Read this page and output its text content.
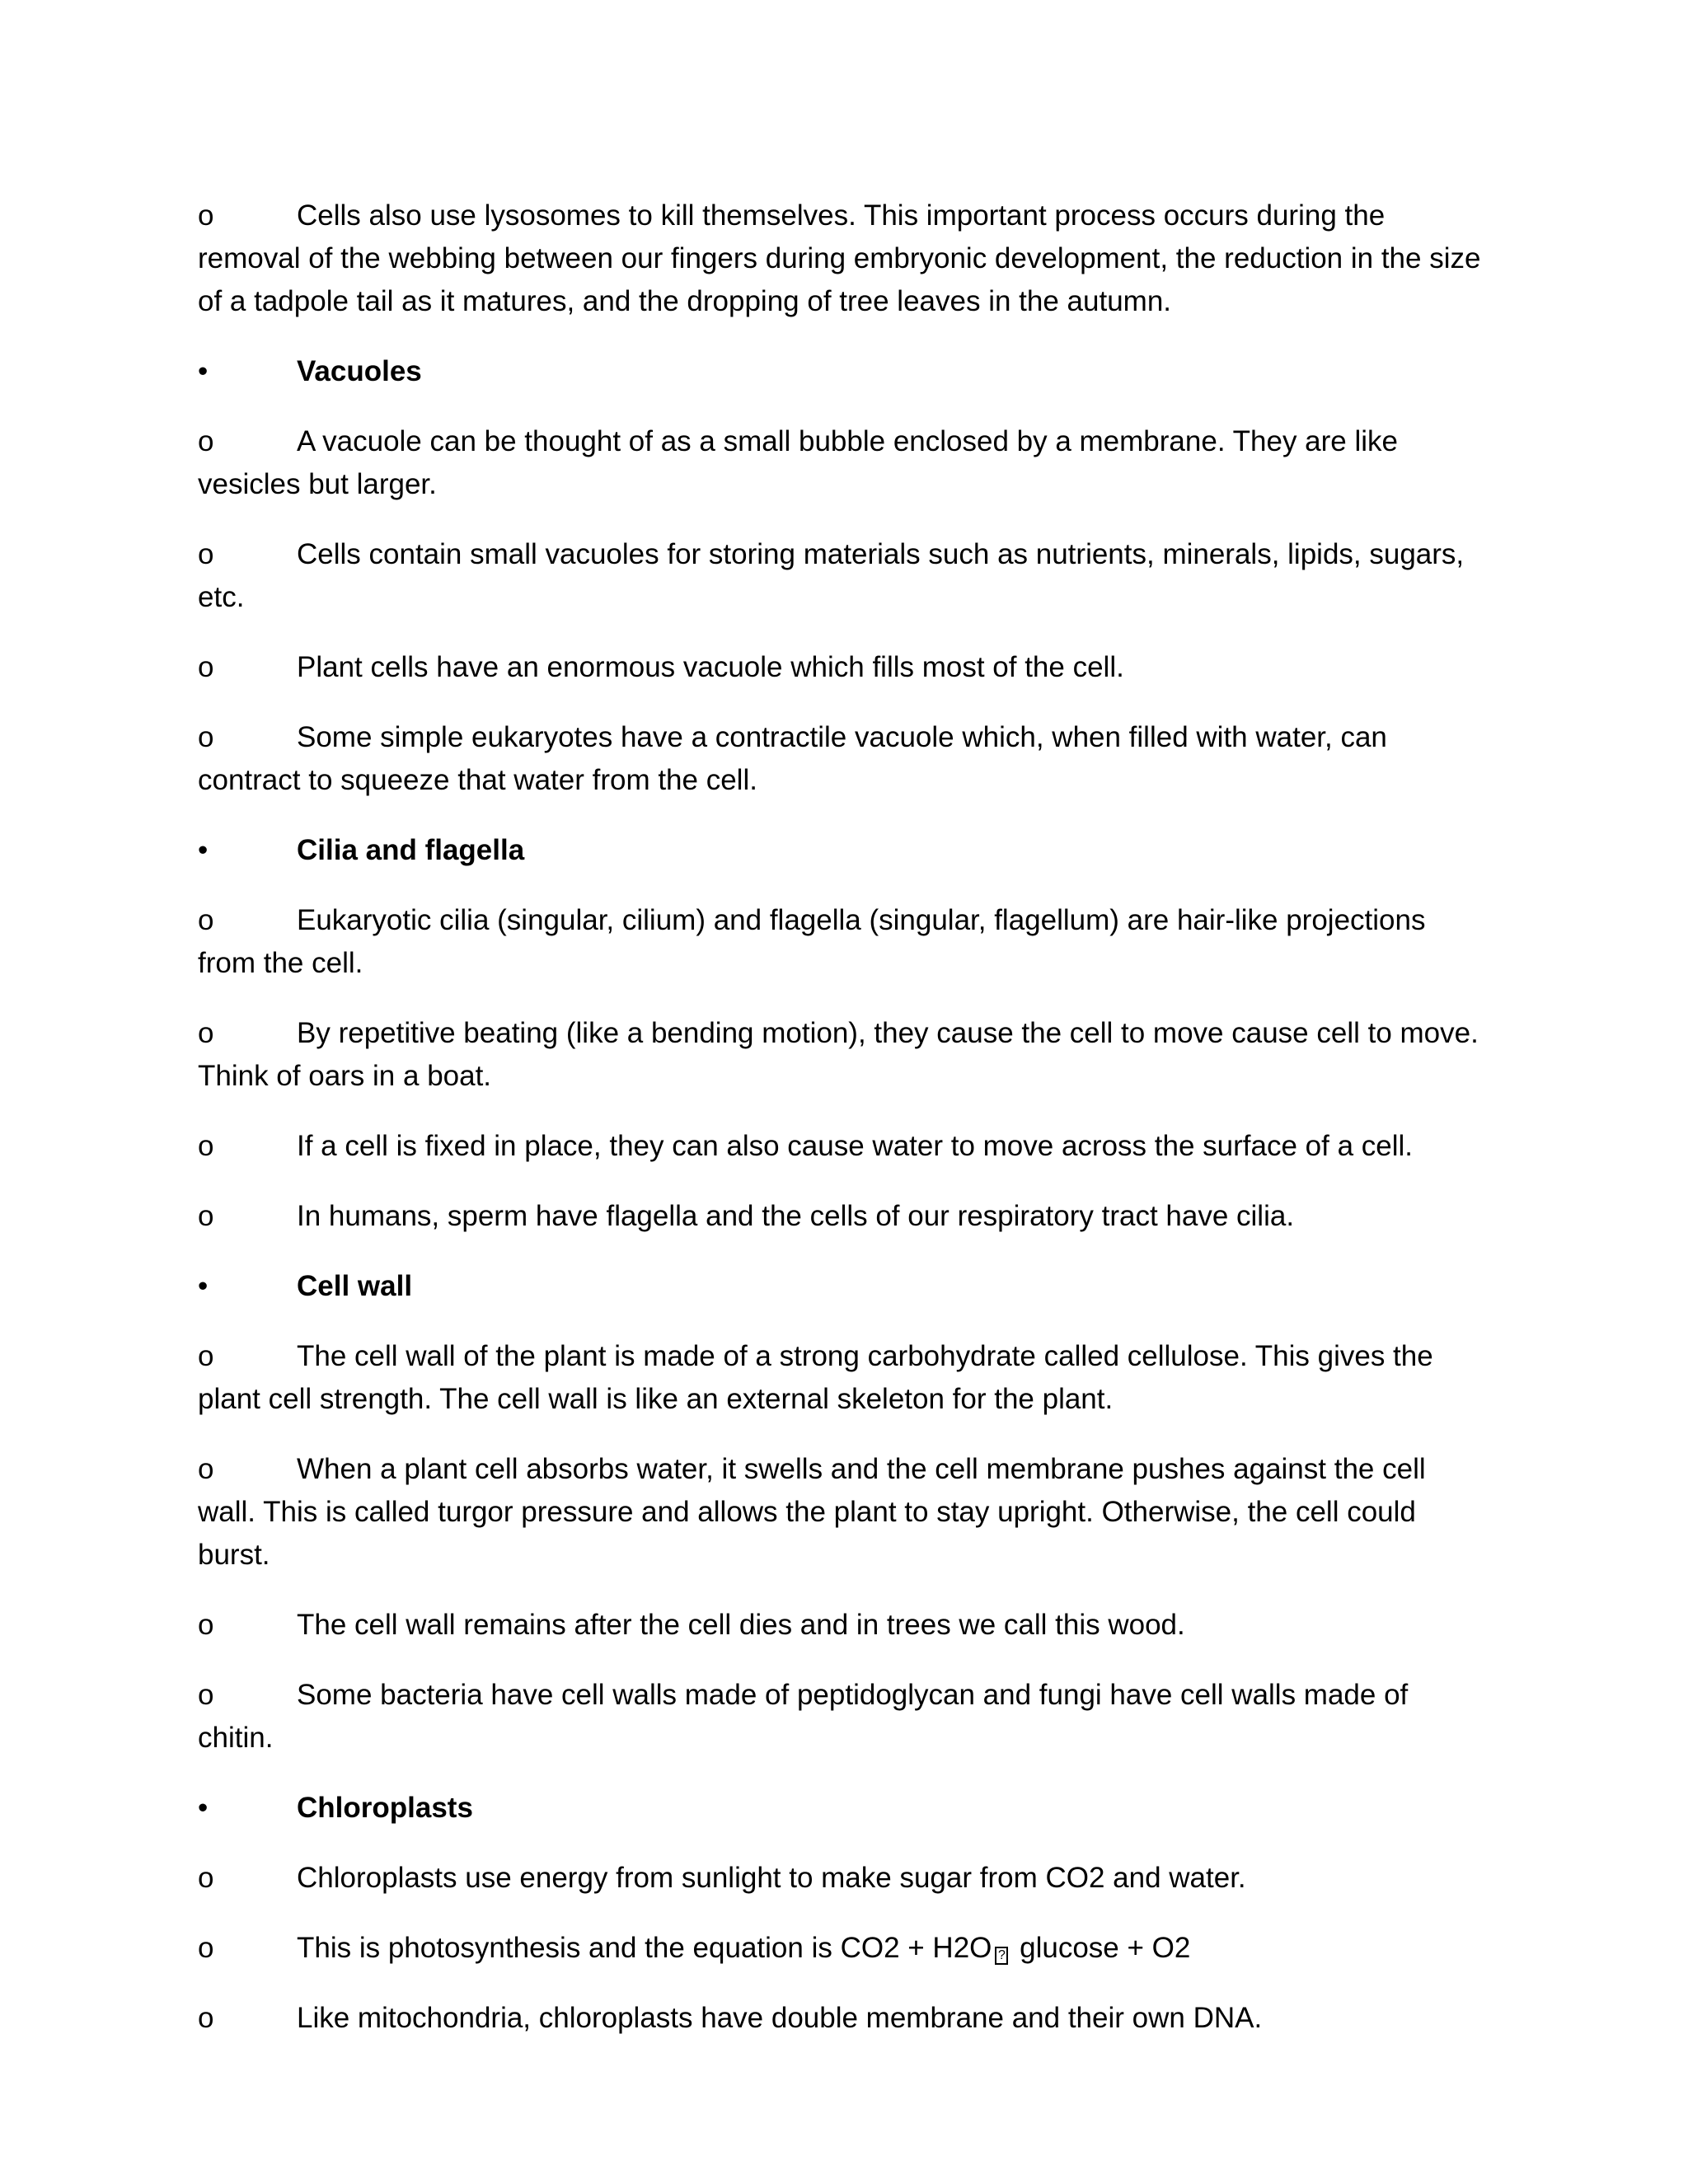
o	Cells also use lysosomes to kill themselves. This important process occurs during the removal of the webbing between our fingers during embryonic development, the reduction in the size of a tadpole tail as it matures, and the dropping of tree leaves in the autumn.

•	Vacuoles

o	A vacuole can be thought of as a small bubble enclosed by a membrane. They are like vesicles but larger.

o	Cells contain small vacuoles for storing materials such as nutrients, minerals, lipids, sugars, etc.

o	Plant cells have an enormous vacuole which fills most of the cell.

o	Some simple eukaryotes have a contractile vacuole which, when filled with water, can contract to squeeze that water from the cell.

•	Cilia and flagella

o	Eukaryotic cilia (singular, cilium) and flagella (singular, flagellum) are hair-like projections from the cell.

o	By repetitive beating (like a bending motion), they cause the cell to move cause cell to move. Think of oars in a boat.

o	If a cell is fixed in place, they can also cause water to move across the surface of a cell.

o	In humans, sperm have flagella and the cells of our respiratory tract have cilia.

•	Cell wall

o	The cell wall of the plant is made of a strong carbohydrate called cellulose. This gives the plant cell strength. The cell wall is like an external skeleton for the plant.

o	When a plant cell absorbs water, it swells and the cell membrane pushes against the cell wall. This is called turgor pressure and allows the plant to stay upright. Otherwise, the cell could burst.

o	The cell wall remains after the cell dies and in trees we call this wood.

o	Some bacteria have cell walls made of peptidoglycan and fungi have cell walls made of chitin.

•	Chloroplasts

o	Chloroplasts use energy from sunlight to make sugar from CO2 and water.

o	This is photosynthesis and the equation is CO2 + H2O ? glucose + O2

o	Like mitochondria, chloroplasts have double membrane and their own DNA.
